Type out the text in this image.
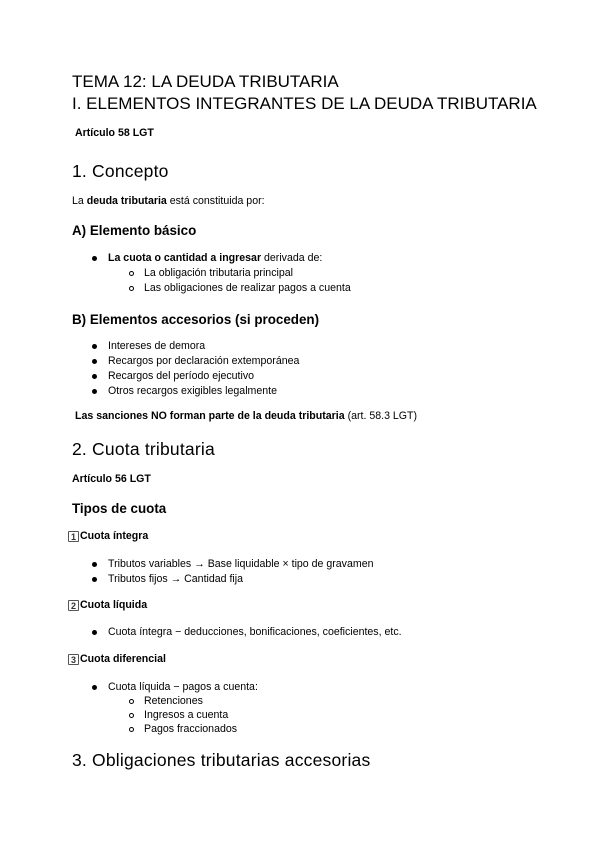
TEMA 12: LA DEUDA TRIBUTARIA
I. ELEMENTOS INTEGRANTES DE LA DEUDA TRIBUTARIA
Artículo 58 LGT
1. Concepto
La deuda tributaria está constituida por:
A) Elemento básico
La cuota o cantidad a ingresar derivada de:
La obligación tributaria principal
Las obligaciones de realizar pagos a cuenta
B) Elementos accesorios (si proceden)
Intereses de demora
Recargos por declaración extemporánea
Recargos del período ejecutivo
Otros recargos exigibles legalmente
Las sanciones NO forman parte de la deuda tributaria (art. 58.3 LGT)
2. Cuota tributaria
Artículo 56 LGT
Tipos de cuota
1 Cuota íntegra
Tributos variables → Base liquidable × tipo de gravamen
Tributos fijos → Cantidad fija
2 Cuota líquida
Cuota íntegra − deducciones, bonificaciones, coeficientes, etc.
3 Cuota diferencial
Cuota líquida − pagos a cuenta:
Retenciones
Ingresos a cuenta
Pagos fraccionados
3. Obligaciones tributarias accesorias
